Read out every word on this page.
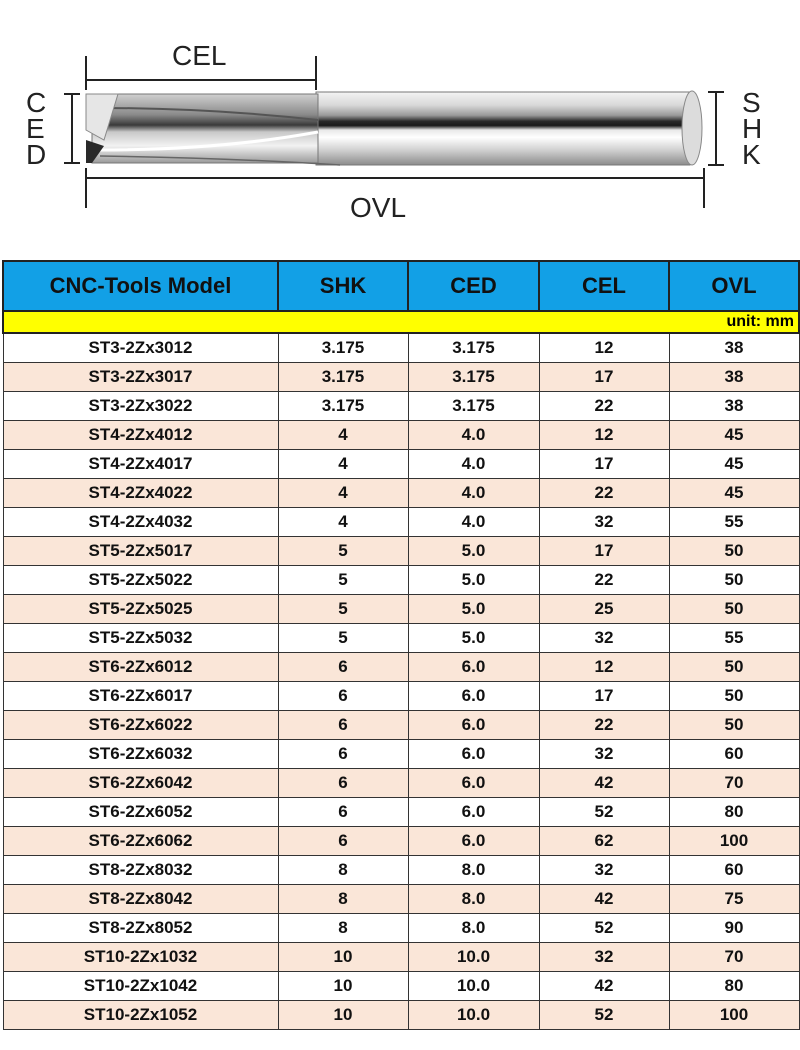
CEL
OVL
C
E
D
S
H
K
CNC-Tools Model	SHK	CED	CEL	OVL
unit: mm				
ST3-2Zx3012	3.175	3.175	12	38
ST3-2Zx3017	3.175	3.175	17	38
ST3-2Zx3022	3.175	3.175	22	38
ST4-2Zx4012	4	4.0	12	45
ST4-2Zx4017	4	4.0	17	45
ST4-2Zx4022	4	4.0	22	45
ST4-2Zx4032	4	4.0	32	55
ST5-2Zx5017	5	5.0	17	50
ST5-2Zx5022	5	5.0	22	50
ST5-2Zx5025	5	5.0	25	50
ST5-2Zx5032	5	5.0	32	55
ST6-2Zx6012	6	6.0	12	50
ST6-2Zx6017	6	6.0	17	50
ST6-2Zx6022	6	6.0	22	50
ST6-2Zx6032	6	6.0	32	60
ST6-2Zx6042	6	6.0	42	70
ST6-2Zx6052	6	6.0	52	80
ST6-2Zx6062	6	6.0	62	100
ST8-2Zx8032	8	8.0	32	60
ST8-2Zx8042	8	8.0	42	75
ST8-2Zx8052	8	8.0	52	90
ST10-2Zx1032	10	10.0	32	70
ST10-2Zx1042	10	10.0	42	80
ST10-2Zx1052	10	10.0	52	100
